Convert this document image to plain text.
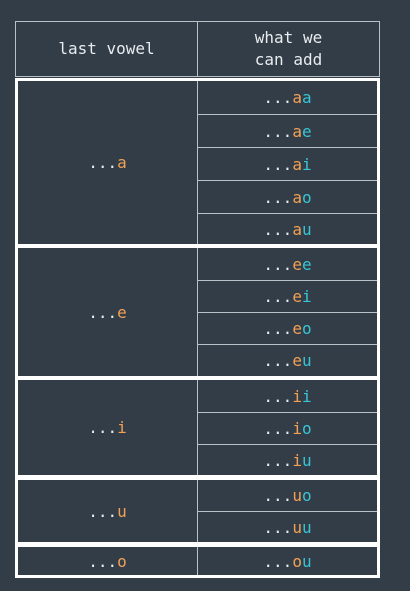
last vowel
what we
can add
... a
... a a
... a e
... a i
... a o
... a u
... e
... e e
... e i
... e o
... e u
... i
... i i
... i o
... i u
... u
... u o
... u u
... o	... o u
